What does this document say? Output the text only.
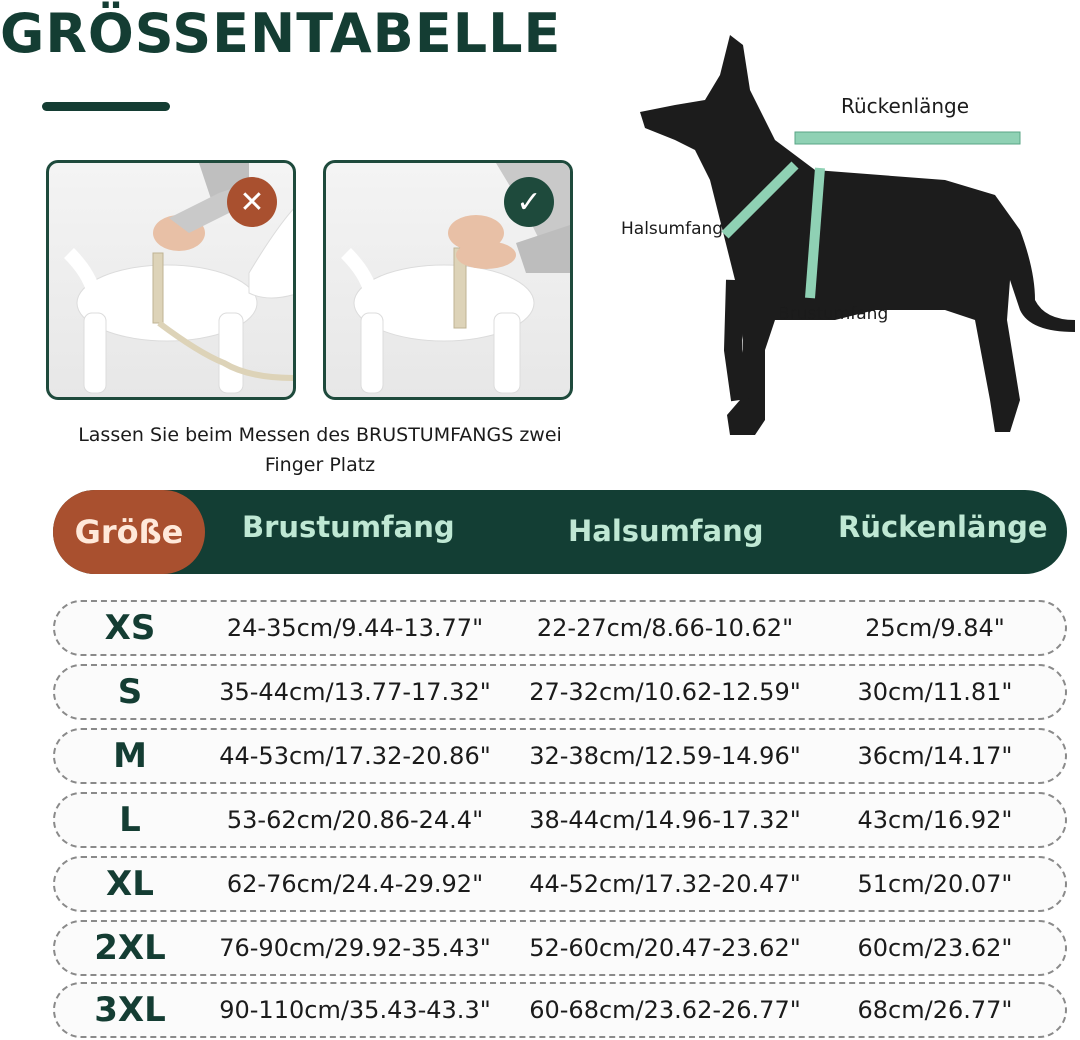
GRÖSSENTABELLE
✕	✓
Lassen Sie beim Messen des BRUSTUMFANGS zwei
Finger Platz
Rückenlänge
Halsumfang
Brustumfang
Größe	Brustumfang	Halsumfang	Rückenlänge
XS	24-35cm/9.44-13.77"	22-27cm/8.66-10.62"	25cm/9.84"
S	35-44cm/13.77-17.32"	27-32cm/10.62-12.59"	30cm/11.81"
M	44-53cm/17.32-20.86"	32-38cm/12.59-14.96"	36cm/14.17"
L	53-62cm/20.86-24.4"	38-44cm/14.96-17.32"	43cm/16.92"
XL	62-76cm/24.4-29.92"	44-52cm/17.32-20.47"	51cm/20.07"
2XL	76-90cm/29.92-35.43"	52-60cm/20.47-23.62"	60cm/23.62"
3XL	90-110cm/35.43-43.3"	60-68cm/23.62-26.77"	68cm/26.77"
